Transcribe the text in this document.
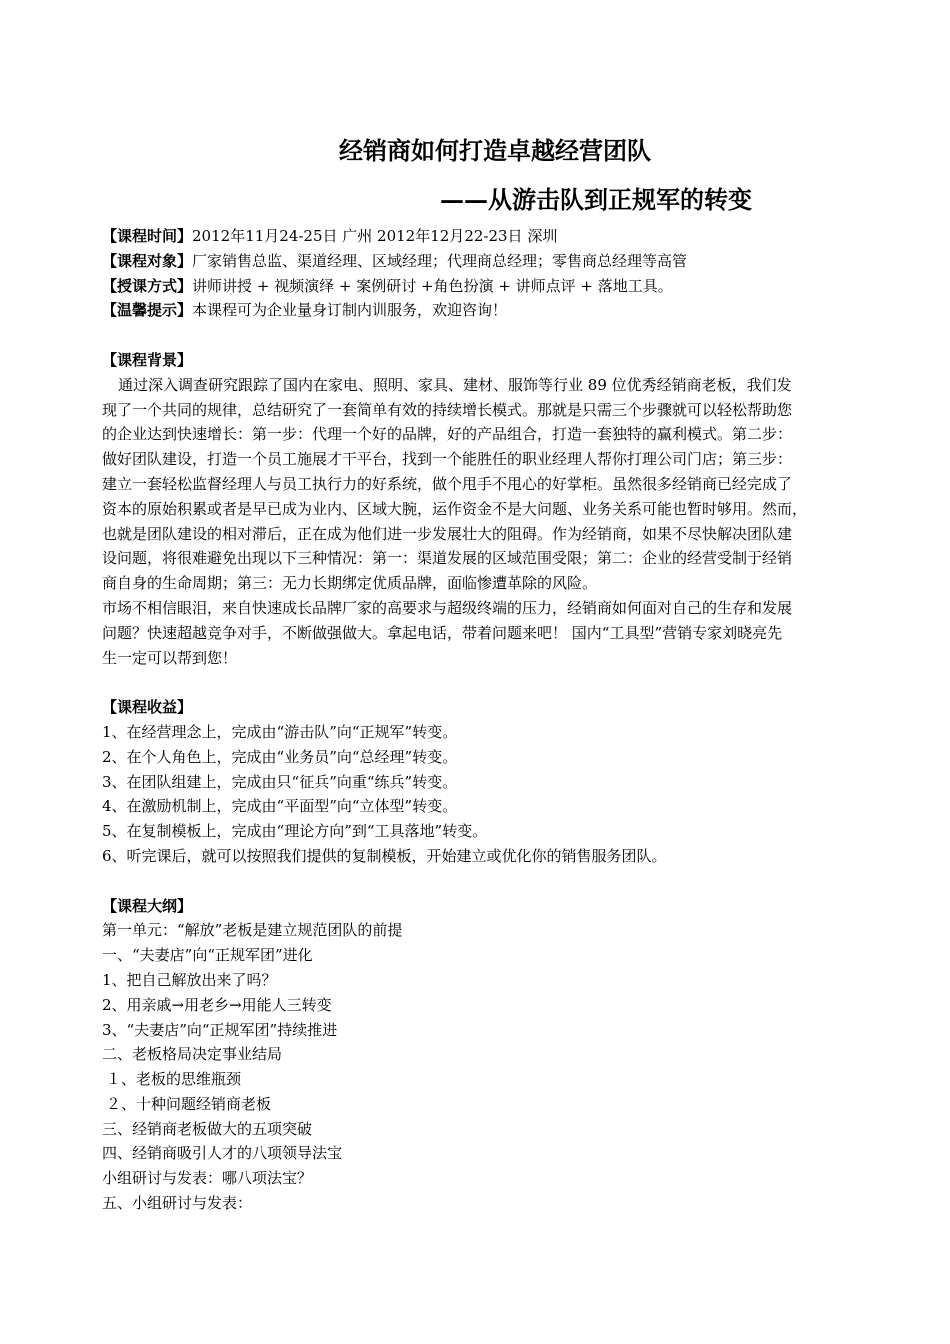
经销商如何打造卓越经营团队
——从游击队到正规军的转变
【课程时间】2012年11月24-25日 广州 2012年12月22-23日 深圳
【课程对象】厂家销售总监、渠道经理、区域经理；代理商总经理；零售商总经理等高管
【授课方式】讲师讲授 + 视频演绎 + 案例研讨 +角色扮演 + 讲师点评 + 落地工具。
【温馨提示】本课程可为企业量身订制内训服务，欢迎咨询！
【课程背景】
通过深入调查研究跟踪了国内在家电、照明、家具、建材、服饰等行业 89 位优秀经销商老板，我们发
现了一个共同的规律，总结研究了一套简单有效的持续增长模式。那就是只需三个步骤就可以轻松帮助您
的企业达到快速增长：第一步：代理一个好的品牌，好的产品组合，打造一套独特的赢利模式。第二步：
做好团队建设，打造一个员工施展才干平台，找到一个能胜任的职业经理人帮你打理公司门店；第三步：
建立一套轻松监督经理人与员工执行力的好系统，做个甩手不甩心的好掌柜。虽然很多经销商已经完成了
资本的原始积累或者是早已成为业内、区域大腕，运作资金不是大问题、业务关系可能也暂时够用。然而，
也就是团队建设的相对滞后，正在成为他们进一步发展壮大的阻碍。作为经销商，如果不尽快解决团队建
设问题，将很难避免出现以下三种情况：第一：渠道发展的区域范围受限；第二：企业的经营受制于经销
商自身的生命周期；第三：无力长期绑定优质品牌，面临惨遭革除的风险。
市场不相信眼泪，来自快速成长品牌厂家的高要求与超级终端的压力，经销商如何面对自己的生存和发展
问题？快速超越竞争对手，不断做强做大。拿起电话，带着问题来吧！ 国内“工具型”营销专家刘晓亮先
生一定可以帮到您！
【课程收益】
1、在经营理念上，完成由“游击队”向“正规军”转变。
2、在个人角色上，完成由“业务员”向“总经理”转变。
3、在团队组建上，完成由只“征兵”向重“练兵”转变。
4、在激励机制上，完成由“平面型”向“立体型”转变。
5、在复制模板上，完成由“理论方向”到“工具落地”转变。
6、听完课后，就可以按照我们提供的复制模板，开始建立或优化你的销售服务团队。
【课程大纲】
第一单元：“解放”老板是建立规范团队的前提
一、“夫妻店”向“正规军团”进化
1、把自己解放出来了吗？
2、用亲戚→用老乡→用能人三转变
3、“夫妻店”向“正规军团”持续推进
二、老板格局决定事业结局
１、老板的思维瓶颈
２、十种问题经销商老板
三、经销商老板做大的五项突破
四、经销商吸引人才的八项领导法宝
小组研讨与发表：哪八项法宝？
五、小组研讨与发表：
